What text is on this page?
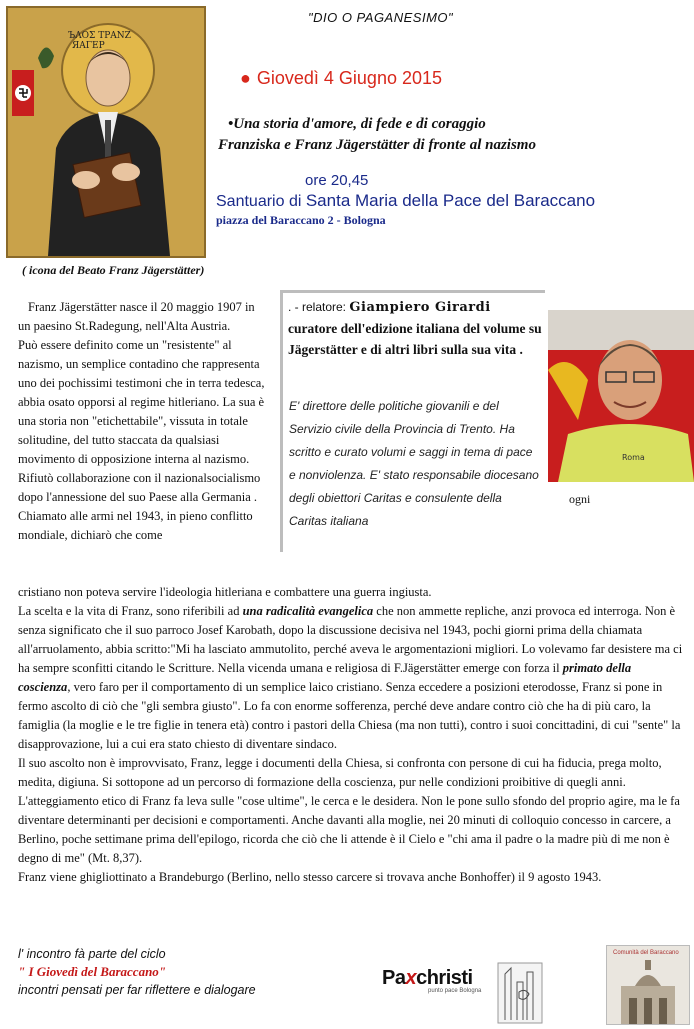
"DIO O PAGANESIMO"
ЪΛΟΣ ΤΡΑΝΖ
ЯΑΓΕΡ
( icona del Beato Franz Jägerstätter)
● Giovedì 4 Giugno 2015
•Una storia d'amore, di fede e di coraggio
Franziska e Franz Jägerstätter di fronte al nazismo
ore 20,45
Santuario di Santa Maria della Pace del Baraccano
piazza del Baraccano 2 - Bologna
. - relatore: Giampiero Girardi
curatore dell'edizione italiana del volume su Jägerstätter e di altri libri sulla sua vita .
E' direttore delle politiche giovanili e del Servizio civile della Provincia di Trento. Ha scritto e curato volumi e saggi in tema di pace e nonviolenza. E' stato responsabile diocesano degli obiettori Caritas e consulente della Caritas italiana
Roma
ogni

Franz Jägerstätter nasce il 20 maggio 1907 in un paesino St.Radegung, nell'Alta Austria.

Può essere definito come un "resistente" al nazismo, un semplice contadino che rappresenta uno dei pochissimi testimoni che in terra tedesca, abbia osato opporsi al regime hitleriano. La sua è una storia non "etichettabile", vissuta in totale solitudine, del tutto staccata da qualsiasi movimento di opposizione interna al nazismo. Rifiutò collaborazione con il nazionalsocialismo dopo l'annessione del suo Paese alla Germania . Chiamato alle armi nel 1943, in pieno conflitto mondiale, dichiarò che come

cristiano non poteva servire l'ideologia hitleriana e combattere una guerra ingiusta.

La scelta e la vita di Franz, sono riferibili ad una radicalità evangelica che non ammette repliche, anzi provoca ed interroga. Non è senza significato che il suo parroco Josef Karobath, dopo la discussione decisiva nel 1943, pochi giorni prima della chiamata all'arruolamento, abbia scritto:"Mi ha lasciato ammutolito, perché aveva le argomentazioni migliori. Lo volevamo far desistere ma ci ha sempre sconfitti citando le Scritture. Nella vicenda umana e religiosa di F.Jägerstätter emerge con forza il primato della coscienza, vero faro per il comportamento di un semplice laico cristiano. Senza eccedere a posizioni eterodosse, Franz si pone in fermo ascolto di ciò che "gli sembra giusto". Lo fa con enorme sofferenza, perché deve andare contro ciò che ha di più caro, la famiglia (la moglie e le tre figlie in tenera età) contro i pastori della Chiesa (ma non tutti), contro i suoi concittadini, di cui "sente" la disapprovazione, lui a cui era stato chiesto di diventare sindaco.

Il suo ascolto non è improvvisato, Franz, legge i documenti della Chiesa, si confronta con persone di cui ha fiducia, prega molto, medita, digiuna. Si sottopone ad un percorso di formazione della coscienza, pur nelle condizioni proibitive di quegli anni.

L'atteggiamento etico di Franz fa leva sulle "cose ultime", le cerca e le desidera. Non le pone sullo sfondo del proprio agire, ma le fa diventare determinanti per decisioni e comportamenti. Anche davanti alla moglie, nei 20 minuti di colloquio concesso in carcere, a Berlino, poche settimane prima dell'epilogo, ricorda che ciò che li attende è il Cielo e "chi ama il padre o la madre più di me non è degno di me" (Mt. 8,37).

Franz viene ghigliottinato a Brandeburgo (Berlino, nello stesso carcere si trovava anche Bonhoffer) il 9 agosto 1943.

l' incontro fà parte del ciclo
" I Giovedì del Baraccano"
incontri pensati per far riflettere e dialogare
Paxchristi
punto pace Bologna
Comunità del Baraccano
